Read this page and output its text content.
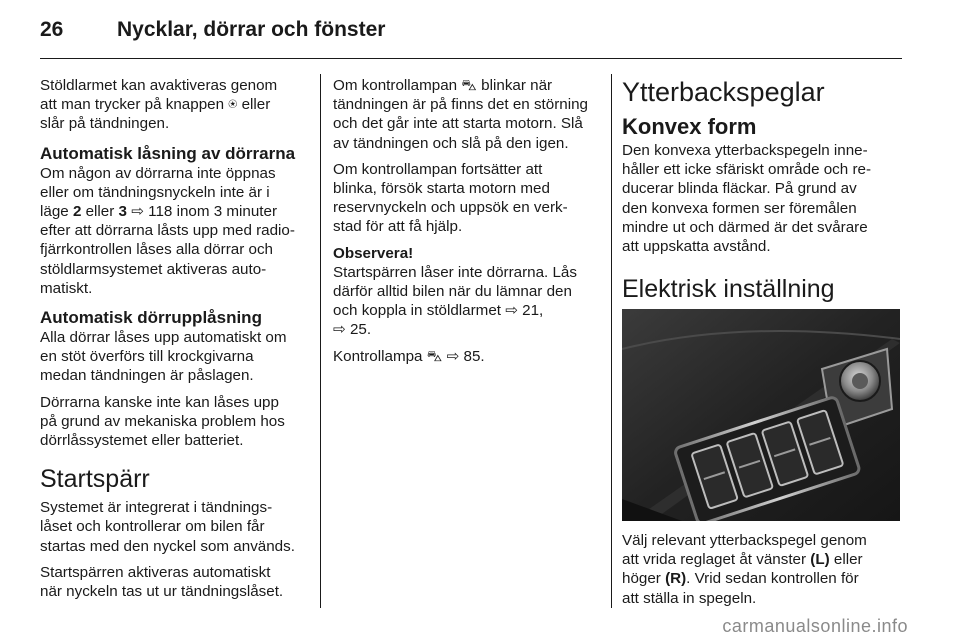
26	Nycklar, dörrar och fönster

Stöldlarmet kan avaktiveras genom
att man trycker på knappen ⍟ eller
slår på tändningen.

Automatisk låsning av dörrarna

Om någon av dörrarna inte öppnas
eller om tändningsnyckeln inte är i
läge 2 eller 3 ⇨ 118 inom 3 minuter
efter att dörrarna låsts upp med radio-
fjärrkontrollen låses alla dörrar och
stöldlarmsystemet aktiveras auto-
matiskt.

Automatisk dörrupplåsning

Alla dörrar låses upp automatiskt om
en stöt överförs till krockgivarna
medan tändningen är påslagen.

Dörrarna kanske inte kan låses upp
på grund av mekaniska problem hos
dörrlåssystemet eller batteriet.

Startspärr

Systemet är integrerat i tändnings-
låset och kontrollerar om bilen får
startas med den nyckel som används.

Startspärren aktiveras automatiskt
när nyckeln tas ut ur tändningslåset.

Om kontrollampan ⛍ blinkar när
tändningen är på finns det en störning
och det går inte att starta motorn. Slå
av tändningen och slå på den igen.

Om kontrollampan fortsätter att
blinka, försök starta motorn med
reservnyckeln och uppsök en verk-
stad för att få hjälp.

Observera!
Startspärren låser inte dörrarna. Lås
därför alltid bilen när du lämnar den
och koppla in stöldlarmet ⇨ 21,
⇨ 25.

Kontrollampa ⛍ ⇨ 85.

Ytterbackspeglar
Konvex form

Den konvexa ytterbackspegeln inne-
håller ett icke sfäriskt område och re-
ducerar blinda fläckar. På grund av
den konvexa formen ser föremålen
mindre ut och därmed är det svårare
att uppskatta avstånd.

Elektrisk inställning

Välj relevant ytterbackspegel genom
att vrida reglaget åt vänster (L) eller
höger (R). Vrid sedan kontrollen för
att ställa in spegeln.

carmanualsonline.info
